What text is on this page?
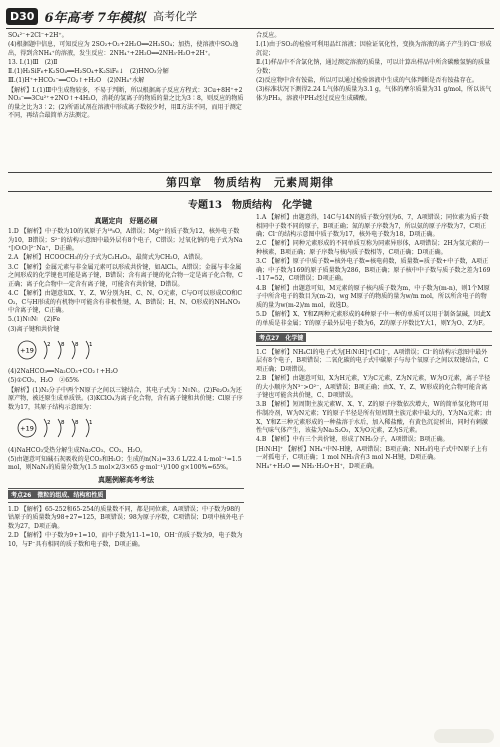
D30 6年高考 7年模拟 高考化学

SO₄²⁻+2Cl⁻+2H⁺。

(4)根据题中信息，可知反应为 2SO₂+O₂+2H₂O══2H₂SO₄；加热，使溶液中SO₂逸出，得到含NH₄⁺的溶液，发生反应：2NH₄⁺+2H₂O══2NH₃·H₂O+2H⁺。

13. Ⅰ.(1)Ⅲ　(2)Ⅱ

Ⅱ.(1)H₂SiF₆+K₂SO₄══H₂SO₄+K₂SiF₆↓　(2)HNO₃分解

Ⅲ.(1)H⁺+HCO₃⁻══CO₂↑+H₂O　(2)NH₄⁺水解

【解析】Ⅰ.(1)Ⅲ中生成物较多，不易于判断，所以根据离子反应方程式：3Cu+8H⁺+2NO₃⁻══3Cu²⁺+2NO↑+4H₂O，消耗的氢离子的物质的量之比为3∶8，则反应的物质的量之比为3∶2；(2)所需试剂在溶液中形成离子数较少时，用Ⅱ方法不同，而用于测定不同，再结合最简单方法测定。

合反应。

Ⅰ.(1)由于SO₂的检验可利用品红溶液；因验证氧化性，变换为溶液的离子产生的Cl⁻形成沉淀；

Ⅱ.(1)样品中不含氯化钠，通过测定溶液的质量，可以计算出样品中所含碳酸氢钠的质量分数；

(2)反应物中含有铵盐，所以可以通过检验溶液中生成的气体判断是否有铵盐存在。

(3)标准状况下测得2.24 L气体的质量为3.1 g，气体的摩尔质量为31 g/mol，所以该气体为PH₃，溶液中PH₃经过反应生成磷酸。

第四章　物质结构　元素周期律
专题13　物质结构　化学键
真题定向　好题必刷

1.D 【解析】中子数为10的氧原子为¹⁸₈O，A错误；Mg²⁺的质子数为12，核外电子数为10，B错误；S²⁻的结构示意图中最外层有8个电子，C错误；过氧化钠的电子式为Na⁺[∶O∶O∶]²⁻Na⁺，D正确。

2.A 【解析】HCOOCH₃的分子式为C₂H₄O₂，最简式为CH₂O，A错误。

3.C 【解析】金属元素与非金属元素可以形成共价键，如AlCl₃，A错误；金属与非金属之间形成的化学键也可能是离子键，B错误；含有离子键的化合物一定是离子化合物，C正确；离子化合物中一定含有离子键，可能含有共价键，D错误。

4.C 【解析】由题意知X、Y、Z、W分别为H、C、N、O元素，C与O可以形成CO和CO₂，C与H形成的有机物中可能含有非极性键，A、B错误；H、N、O形成的NH₄NO₃中含离子键，C正确。

5.(1)N∶∶N∶　(2)Fe

(3)离子键和共价键

+19
2 8 8 1

(4)2NaHCO₃══Na₂CO₃+CO₂↑+H₂O

(5)①CO₂、H₂O　②65%

【解析】(1)N₂分子中两个N原子之间以三键结合，其电子式为∶N∶∶N∶。(2)Fe₂O₃为还原产物，被还原生成单质铁。(3)KClO₄为离子化合物，含有离子键和共价键；Cl原子序数为17，其原子结构示意图为：

+19
2 8 8 1

(4)NaHCO₃受热分解生成Na₂CO₃、CO₂、H₂O。

(5)由题意可知碱石灰吸收的是CO₂和H₂O；生成的n(N₂)=33.6 L/22.4 L·mol⁻¹=1.5 mol，则NaN₃的质量分数为(1.5 mol×2/3×65 g·mol⁻¹)/100 g×100%=65%。

真题例解高考考法
考点26　微粒的组成、结构和性质

1.D 【解析】65-252和65-254的质量数不同，都是同位素，A项错误；中子数为98的钴原子的质量数为98+27=125，B项错误；98为原子序数，C项错误；D项中核外电子数为27，D项正确。

2.D 【解析】中子数为9+1=10，而中子数为11-1=10，OH⁻的质子数为9，电子数为10，与F⁻具有相同的质子数和电子数，D项正确。

1.A 【解析】由题意得，14C与14N的质子数分别为6、7，A项错误；同位素为质子数相同中子数不同的原子，B项正确；氮的原子序数为7，所以氨的原子序数为7，C项正确；Cl⁻的结构示意图中质子数为17，核外电子数为18，D项正确。

2.C 【解析】同种元素形成的不同单质互称为同素异形体，A项错误；2H为氢元素的一种核素，B项正确；原子序数与核内质子数相等，C项正确；D项正确。

3.C 【解析】原子中质子数=核外电子数=核电荷数，质量数=质子数+中子数，A项正确；中子数为169的原子质量数为286，B项正确；原子核中中子数与质子数之差为169-117=52，C项错误；D项正确。

4.B 【解析】由题意可知，M元素的原子核内质子数为m，中子数为(m-n)，则1个M原子中所含电子的数目为(m-2)，wg M原子的物质的量为w/m mol，所以所含电子的物质的量为w(m-2)/m mol，故选D。

5.D 【解析】X、Y和Z两种元素形成的4种原子中一种的单质可以用于制备氯碱，因此X的单质是非金属；Y的原子最外层电子数为6，Z的原子序数比Y大1，则Y为O、Z为F。

考点27　化学键

1.C 【解析】NH₄Cl的电子式为[H∶N∶H]⁺[∶Cl∶]⁻，A项错误；Cl⁻的结构示意图中最外层有8个电子，B项错误；二氧化碳的电子式中碳原子与每个氧原子之间以双键结合，C项正确；D项错误。

2.B 【解析】由题意可知，X为H元素，Y为C元素，Z为N元素，W为O元素，离子半径的大小顺序为N³⁻>O²⁻，A项错误；B项正确；由X、Y、Z、W形成的化合物可能含离子键也可能含共价键，C、D项错误。

3.B 【解析】短周期主族元素W、X、Y、Z的原子序数依次增大，W的简单氢化物可用作制冷剂，W为N元素；Y的原子半径是所有短周期主族元素中最大的，Y为Na元素；由X、Y和Z三种元素形成的一种盐溶于水后，加入稀盐酸，有黄色沉淀析出，同时有刺激性气味气体产生，该盐为Na₂S₂O₃，X为O元素，Z为S元素。

4.B 【解析】中有三个共价键，形成了NH₃分子，A项错误；B项正确。

[H∶N∶H]⁺ 【解析】NH₄⁺中N-H键，A项错误；B项正确；NH₃的电子式中N原子上有一对孤电子，C项正确；1 mol NH₃含有3 mol N-H键，D项正确。

NH₄⁺+H₂O ══ NH₃·H₂O+H⁺，D项正确。
